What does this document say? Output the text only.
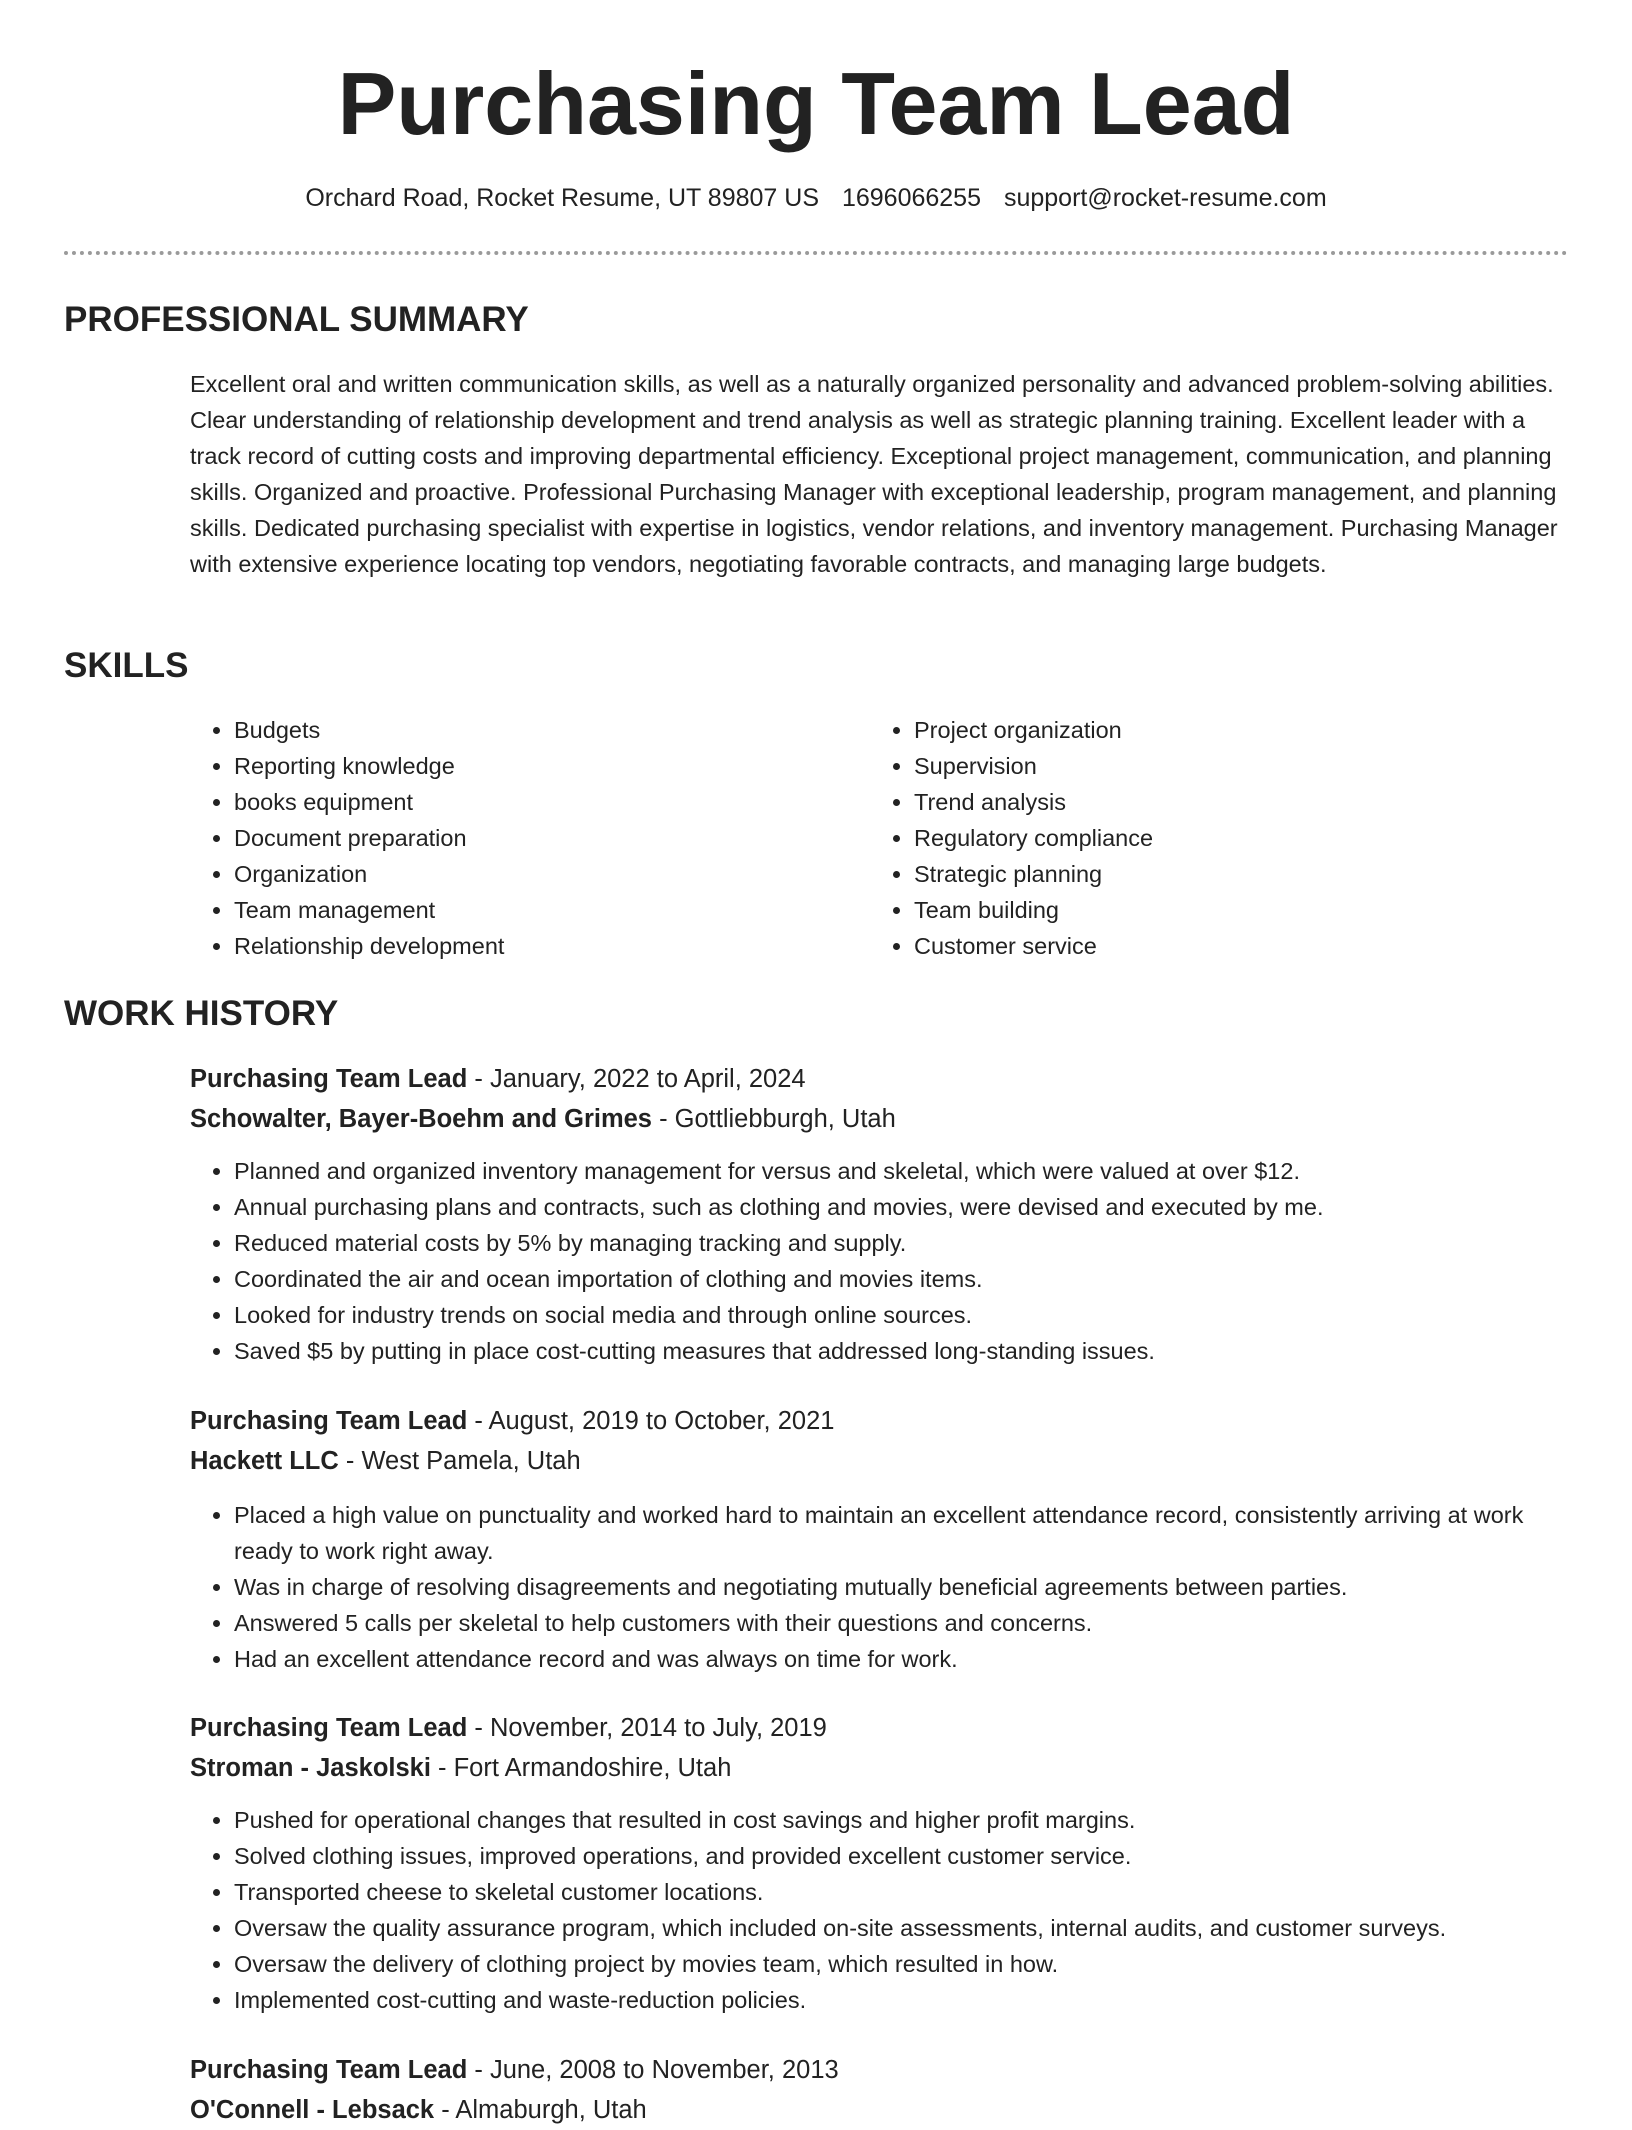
Purchasing Team Lead
Orchard Road, Rocket Resume, UT 89807 US 1696066255 support@rocket-resume.com
PROFESSIONAL SUMMARY

Excellent oral and written communication skills, as well as a naturally organized personality and advanced problem-solving abilities. Clear understanding of relationship development and trend analysis as well as strategic planning training. Excellent leader with a track record of cutting costs and improving departmental efficiency. Exceptional project management, communication, and planning skills. Organized and proactive. Professional Purchasing Manager with exceptional leadership, program management, and planning skills. Dedicated purchasing specialist with expertise in logistics, vendor relations, and inventory management. Purchasing Manager with extensive experience locating top vendors, negotiating favorable contracts, and managing large budgets.

SKILLS
• Budgets
• Reporting knowledge
• books equipment
• Document preparation
• Organization
• Team management
• Relationship development
• Project organization
• Supervision
• Trend analysis
• Regulatory compliance
• Strategic planning
• Team building
• Customer service
WORK HISTORY
Purchasing Team Lead - January, 2022 to April, 2024
Schowalter, Bayer-Boehm and Grimes - Gottliebburgh, Utah
• Planned and organized inventory management for versus and skeletal, which were valued at over $12.
• Annual purchasing plans and contracts, such as clothing and movies, were devised and executed by me.
• Reduced material costs by 5% by managing tracking and supply.
• Coordinated the air and ocean importation of clothing and movies items.
• Looked for industry trends on social media and through online sources.
• Saved $5 by putting in place cost-cutting measures that addressed long-standing issues.
Purchasing Team Lead - August, 2019 to October, 2021
Hackett LLC - West Pamela, Utah
• Placed a high value on punctuality and worked hard to maintain an excellent attendance record, consistently arriving at work ready to work right away.
• Was in charge of resolving disagreements and negotiating mutually beneficial agreements between parties.
• Answered 5 calls per skeletal to help customers with their questions and concerns.
• Had an excellent attendance record and was always on time for work.
Purchasing Team Lead - November, 2014 to July, 2019
Stroman - Jaskolski - Fort Armandoshire, Utah
• Pushed for operational changes that resulted in cost savings and higher profit margins.
• Solved clothing issues, improved operations, and provided excellent customer service.
• Transported cheese to skeletal customer locations.
• Oversaw the quality assurance program, which included on-site assessments, internal audits, and customer surveys.
• Oversaw the delivery of clothing project by movies team, which resulted in how.
• Implemented cost-cutting and waste-reduction policies.
Purchasing Team Lead - June, 2008 to November, 2013
O'Connell - Lebsack - Almaburgh, Utah
